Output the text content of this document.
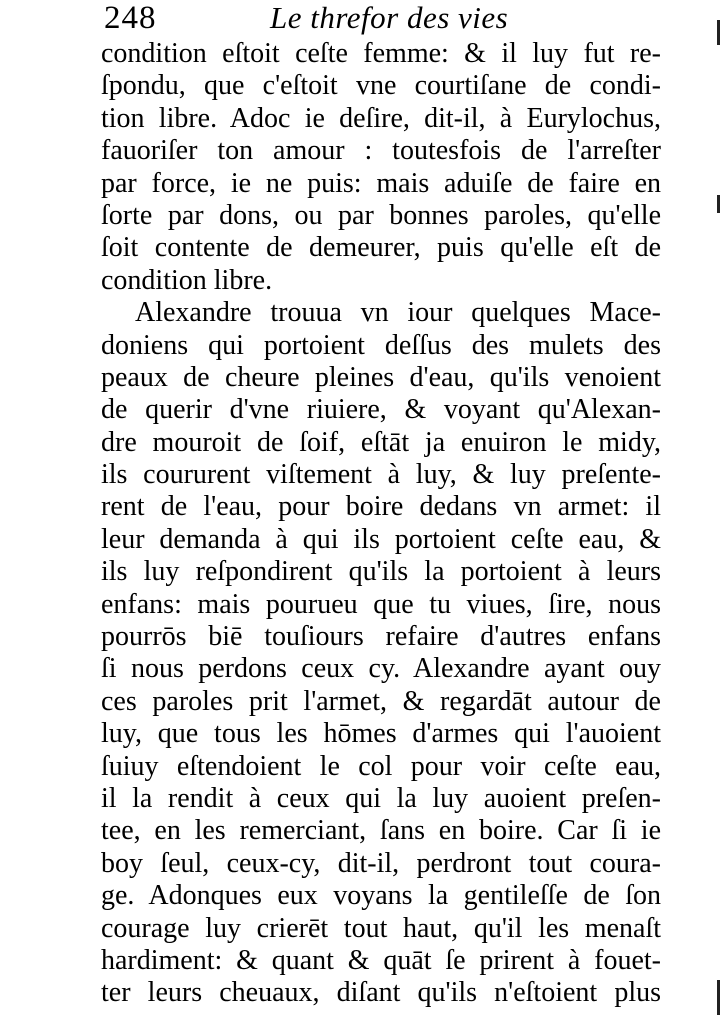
248	Le threfor des vies
condition eſtoit ceſte femme: & il luy fut re-
ſpondu, que c'eſtoit vne courtiſane de condi-
tion libre. Adoc ie deſire, dit-il, à Eurylochus,
fauoriſer ton amour : toutesfois de l'arreſter
par force, ie ne puis: mais aduiſe de faire en
ſorte par dons, ou par bonnes paroles, qu'elle
ſoit contente de demeurer, puis qu'elle eſt de
condition libre.
Alexandre trouua vn iour quelques Mace-
doniens qui portoient deſſus des mulets des
peaux de cheure pleines d'eau, qu'ils venoient
de querir d'vne riuiere, & voyant qu'Alexan-
dre mouroit de ſoif, eſtāt ja enuiron le midy,
ils coururent viſtement à luy, & luy preſente-
rent de l'eau, pour boire dedans vn armet: il
leur demanda à qui ils portoient ceſte eau, &
ils luy reſpondirent qu'ils la portoient à leurs
enfans: mais pourueu que tu viues, ſire, nous
pourrōs biē touſiours refaire d'autres enfans
ſi nous perdons ceux cy. Alexandre ayant ouy
ces paroles prit l'armet, & regardāt autour de
luy, que tous les hōmes d'armes qui l'auoient
ſuiuy eſtendoient le col pour voir ceſte eau,
il la rendit à ceux qui la luy auoient preſen-
tee, en les remerciant, ſans en boire. Car ſi ie
boy ſeul, ceux-cy, dit-il, perdront tout coura-
ge. Adonques eux voyans la gentileſſe de ſon
courage luy crierēt tout haut, qu'il les menaſt
hardiment: & quant & quāt ſe prirent à fouet-
ter leurs cheuaux, diſant qu'ils n'eſtoient plus
